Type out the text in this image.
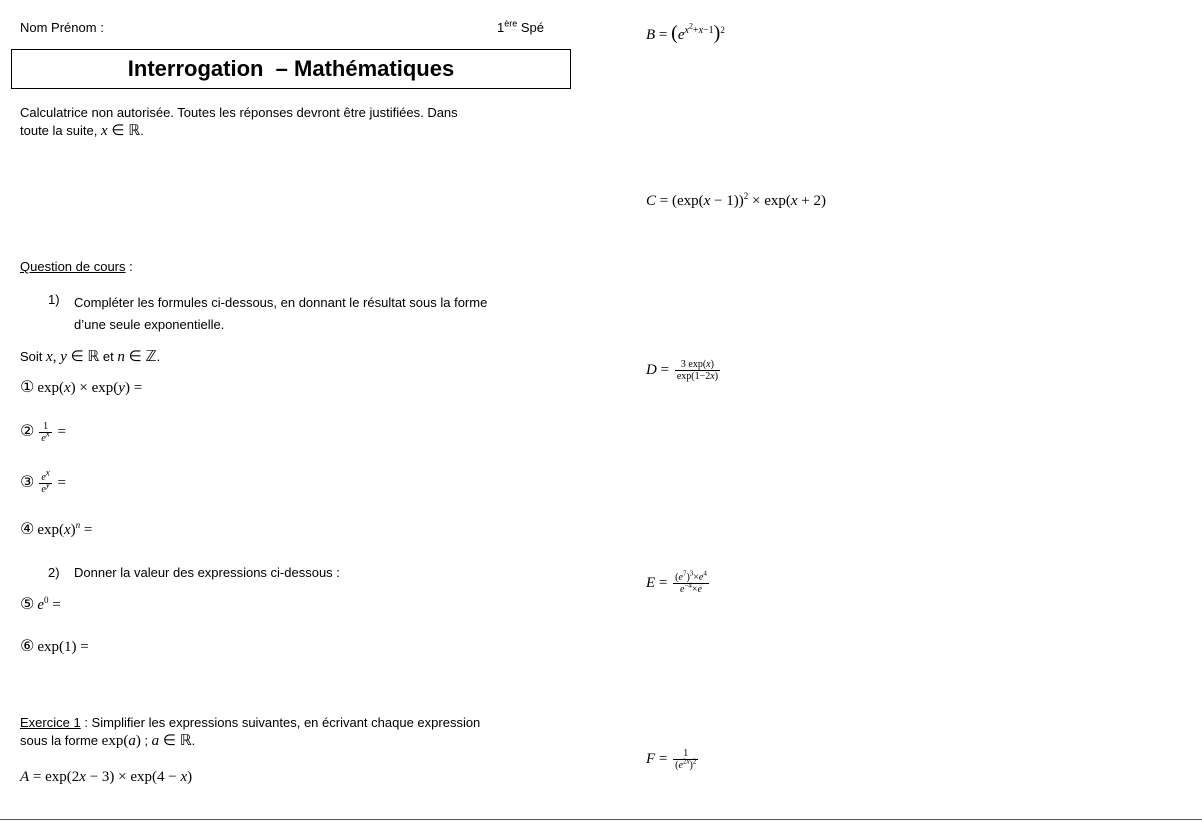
Nom Prénom :	1ère Spé
Interrogation  – Mathématiques
Calculatrice non autorisée. Toutes les réponses devront être justifiées. Dans
toute la suite, x ∈ ℝ.
Question de cours :
1) Compléter les formules ci-dessous, en donnant le résultat sous la forme
d’une seule exponentielle.
Soit x, y ∈ ℝ et n ∈ ℤ.
① exp(x) × exp(y) =
② $\frac{1}{e^x}$ =
③ $\frac{e^x}{e^y}$ =
④ $\exp(x)^n$ =
2) Donner la valeur des expressions ci-dessous :
⑤ $e^0$ =
⑥ exp(1) =
Exercice 1 : Simplifier les expressions suivantes, en écrivant chaque expression
sous la forme exp(a) ; a ∈ ℝ.
A = exp(2x − 3) × exp(4 − x)
$B = (e^{x^2+x-1})^2$
$C = (\exp(x - 1))^2 \times \exp(x + 2)$
$D = \frac{3 \exp(x)}{\exp(1-2x)}$
$E = \frac{(e^7)^3\times e^4}{e^{-4}\times e}$
$F = \frac{1}{(e^{2x})^2}$
